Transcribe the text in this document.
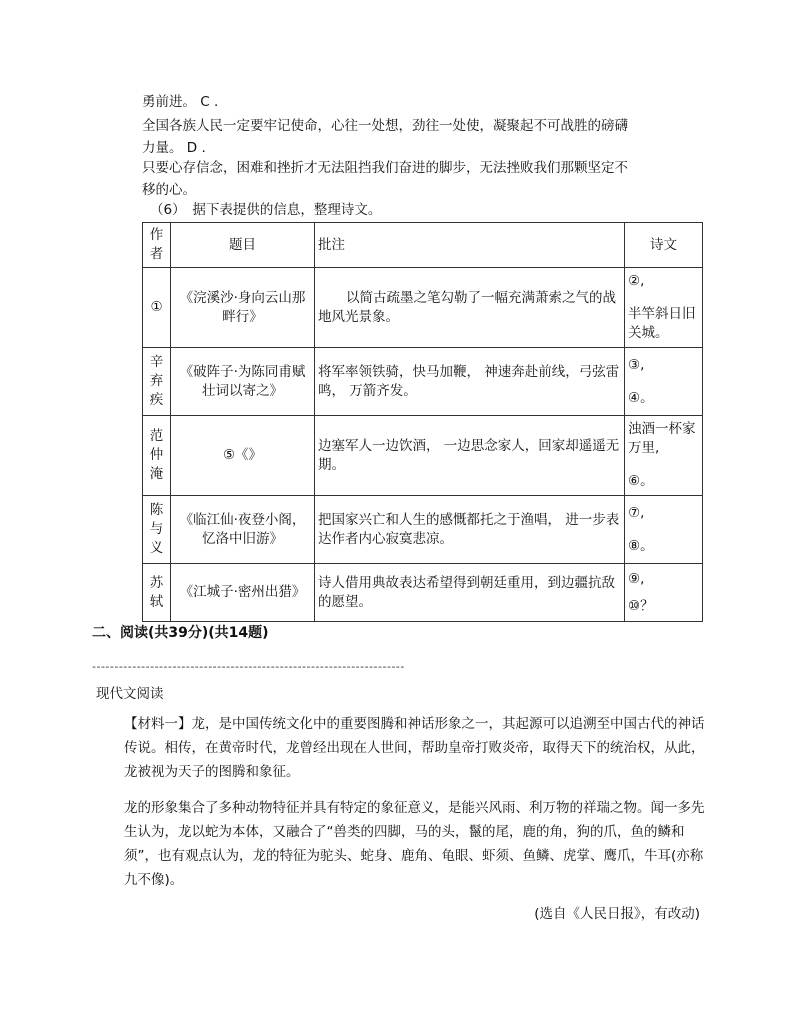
勇前进。 C .
全国各族人民一定要牢记使命，心往一处想，劲往一处使，凝聚起不可战胜的磅礴
力量。 D .
只要心存信念，困难和挫折才无法阻挡我们奋进的脚步，无法挫败我们那颗坚定不
移的心。
（6）　据下表提供的信息，整理诗文。
作者	题目	批注	诗文
①	《浣溪沙·身向云山那畔行》	以简古疏墨之笔勾勒了一幅充满萧索之气的战地风光景象。	②,
半竿斜日旧关城。
辛弃疾	《破阵子·为陈同甫赋壮词以寄之》	将军率领铁骑，快马加鞭， 神速奔赴前线，弓弦雷鸣， 万箭齐发。	③,
④。
范仲淹	⑤《》	边塞军人一边饮酒， 一边思念家人，回家却遥遥无期。	浊酒一杯家万里,
⑥。
陈与义	《临江仙·夜登小阁，忆洛中旧游》	把国家兴亡和人生的感慨都托之于渔唱， 进一步表达作者内心寂寞悲凉。	⑦,
⑧。
苏轼	《江城子·密州出猎》	诗人借用典故表达希望得到朝廷重用，到边疆抗敌的愿望。	⑨,
⑩？
二、阅读(共39分)(共14题)
----------------------------------------------------------------------
现代文阅读
【材料一】龙，是中国传统文化中的重要图腾和神话形象之一，其起源可以追溯至中国古代的神话传说。相传，在黄帝时代，龙曾经出现在人世间，帮助皇帝打败炎帝，取得天下的统治权，从此，龙被视为天子的图腾和象征。
龙的形象集合了多种动物特征并具有特定的象征意义，是能兴风雨、利万物的祥瑞之物。闻一多先生认为，龙以蛇为本体，又融合了“兽类的四脚，马的头，鬣的尾，鹿的角，狗的爪，鱼的鳞和须”，也有观点认为，龙的特征为驼头、蛇身、鹿角、龟眼、虾须、鱼鳞、虎掌、鹰爪，牛耳(亦称九不像)。
(选自《人民日报》，有改动)
